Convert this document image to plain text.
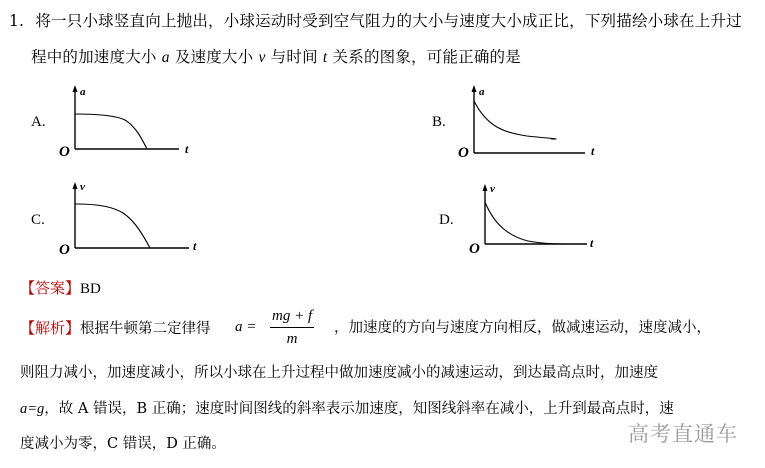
1. 将一只小球竖直向上抛出，小球运动时受到空气阻力的大小与速度大小成正比，下列描绘小球在上升过
程中的加速度大小 a 及速度大小 v 与时间 t 关系的图象，可能正确的是
A.
a
t
O
B.
a
t
O
C.
v
t
O
D.
v
t
O
【答案】BD
【解析】根据牛顿第二定律得 $a = \frac{mg + f}{m}$ ，加速度的方向与速度方向相反，做减速运动，速度减小，
则阻力减小，加速度减小，所以小球在上升过程中做加速度减小的减速运动，到达最高点时，加速度
a=g，故 A 错误，B 正确；速度时间图线的斜率表示加速度，知图线斜率在减小，上升到最高点时，速
度减小为零，C 错误，D 正确。	高考直通车
